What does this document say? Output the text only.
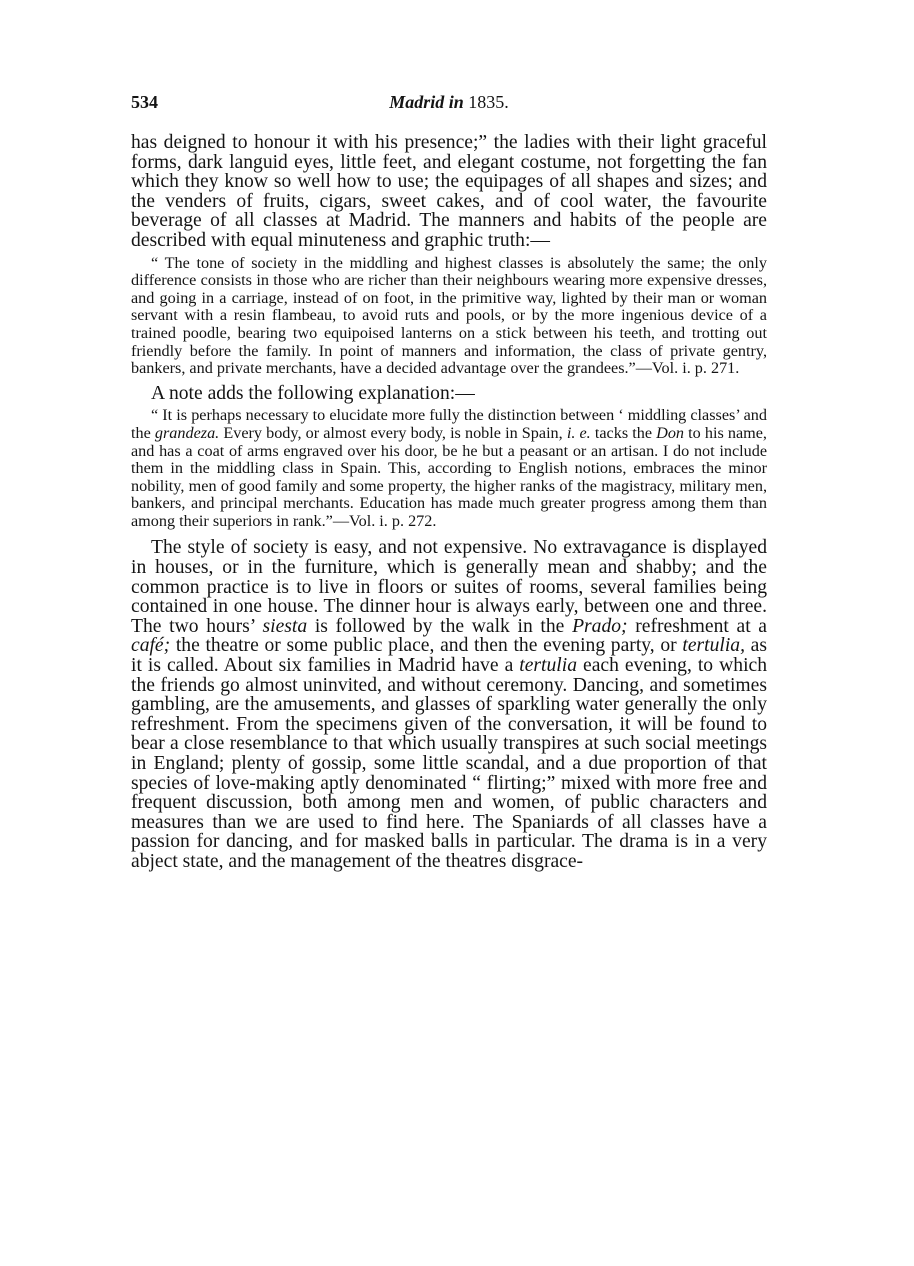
534	Madrid in 1835.

has deigned to honour it with his presence;” the ladies with their light graceful forms, dark languid eyes, little feet, and elegant costume, not forgetting the fan which they know so well how to use; the equipages of all shapes and sizes; and the venders of fruits, cigars, sweet cakes, and of cool water, the favourite beverage of all classes at Madrid. The manners and habits of the people are described with equal minuteness and graphic truth:—

“ The tone of society in the middling and highest classes is absolutely the same; the only difference consists in those who are richer than their neighbours wearing more expensive dresses, and going in a carriage, instead of on foot, in the primitive way, lighted by their man or woman servant with a resin flambeau, to avoid ruts and pools, or by the more ingenious device of a trained poodle, bearing two equipoised lanterns on a stick between his teeth, and trotting out friendly before the family. In point of manners and information, the class of private gentry, bankers, and private merchants, have a decided advantage over the grandees.”—Vol. i. p. 271.

A note adds the following explanation:—

“ It is perhaps necessary to elucidate more fully the distinction between ‘ middling classes’ and the grandeza. Every body, or almost every body, is noble in Spain, i. e. tacks the Don to his name, and has a coat of arms engraved over his door, be he but a peasant or an artisan. I do not include them in the middling class in Spain. This, according to English notions, embraces the minor nobility, men of good family and some property, the higher ranks of the magistracy, military men, bankers, and principal merchants. Education has made much greater progress among them than among their superiors in rank.”—Vol. i. p. 272.

The style of society is easy, and not expensive. No extravagance is displayed in houses, or in the furniture, which is generally mean and shabby; and the common practice is to live in floors or suites of rooms, several families being contained in one house. The dinner hour is always early, between one and three. The two hours’ siesta is followed by the walk in the Prado; refreshment at a café; the theatre or some public place, and then the evening party, or tertulia, as it is called. About six families in Madrid have a tertulia each evening, to which the friends go almost uninvited, and without ceremony. Dancing, and sometimes gambling, are the amusements, and glasses of sparkling water generally the only refreshment. From the specimens given of the conversation, it will be found to bear a close resemblance to that which usually transpires at such social meetings in England; plenty of gossip, some little scandal, and a due proportion of that species of love-making aptly denominated “ flirting;” mixed with more free and frequent discussion, both among men and women, of public characters and measures than we are used to find here. The Spaniards of all classes have a passion for dancing, and for masked balls in particular. The drama is in a very abject state, and the management of the theatres disgrace-
